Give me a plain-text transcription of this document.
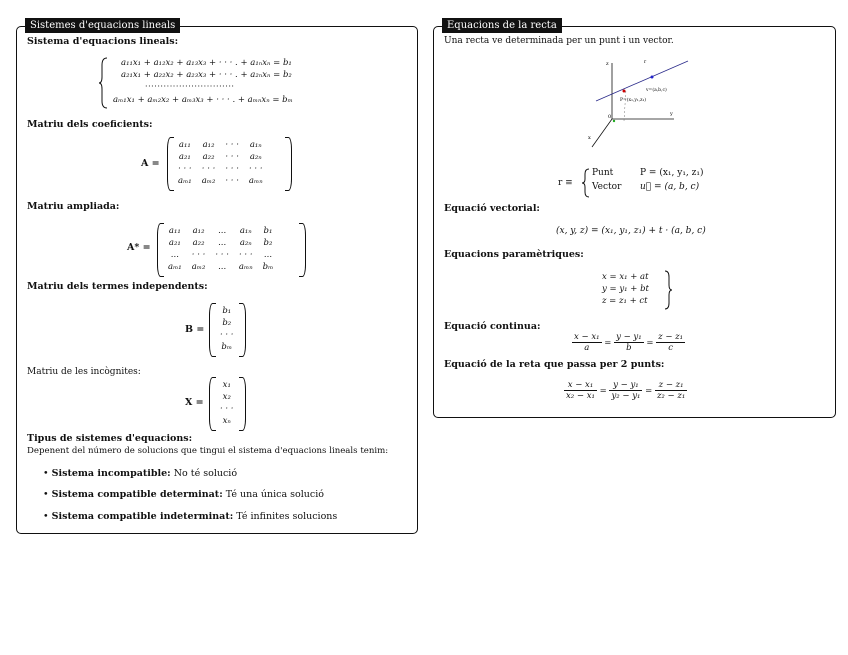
Sistemes d'equacions lineals
Sistema d'equacions lineals:
a₁₁x₁ + a₁₂x₂ + a₁₃x₃ + · · · . + a₁ₙxₙ = b₁
a₂₁x₁ + a₂₂x₂ + a₂₃x₃ + · · · . + a₂ₙxₙ = b₂
· · · · · · · · · · · · · · · · · · · · · · · · · · · · ·
aₘ₁x₁ + aₘ₂x₂ + aₘ₃x₃ + · · · . + aₘₙxₙ = bₘ
Matriu dels coeficients:
A =
a₁₁	a₁₂	· · ·	a₁ₙ
a₂₁	a₂₂	· · ·	a₂ₙ
· · ·	· · ·	· · ·	· · ·
aₘ₁	aₘ₂	· · ·	aₘₙ
Matriu ampliada:
A* =
a₁₁	a₁₂	...	a₁ₙ	b₁
a₂₁	a₂₂	...	a₂ₙ	b₂
...	· · ·	· · ·	· · ·	...
aₘ₁	aₘ₂	...	aₘₙ	bₘ
Matriu dels termes independents:
B =
b₁
b₂
· · ·
bₘ
Matriu de les incògnites:
X =
x₁
x₂
· · ·
xₙ
Tipus de sistemes d'equacions:
Depenent del número de solucions que tingui el sistema d'equacions lineals tenim:
• Sistema incompatible: No té solució
• Sistema compatible determinat: Té una única solució
• Sistema compatible indeterminat: Té infinites solucions
Equacions de la recta
Una recta ve determinada per un punt i un vector.
z
y
x
0
P=(x₁,y₁,z₁)
v=(a,b,c)
r
r ≡
Punt	P = (x₁, y₁, z₁)
Vector u⃗ = (a, b, c)
Equació vectorial:
(x, y, z) = (x₁, y₁, z₁) + t · (a, b, c)
Equacions paramètriques:
x = x₁ + at
y = y₁ + bt
z = z₁ + ct
Equació continua:
$\frac{\text{x − x₁}}{a} = \frac{\text{y − y₁}}{b} = \frac{\text{z − z₁}}{c}$
Equació de la reta que passa per 2 punts:
$\frac{\text{x − x₁}}{\text{x₂ − x₁}} = \frac{\text{y − y₁}}{\text{y₂ − y₁}} = \frac{\text{z − z₁}}{\text{z₂ − z₁}}$
